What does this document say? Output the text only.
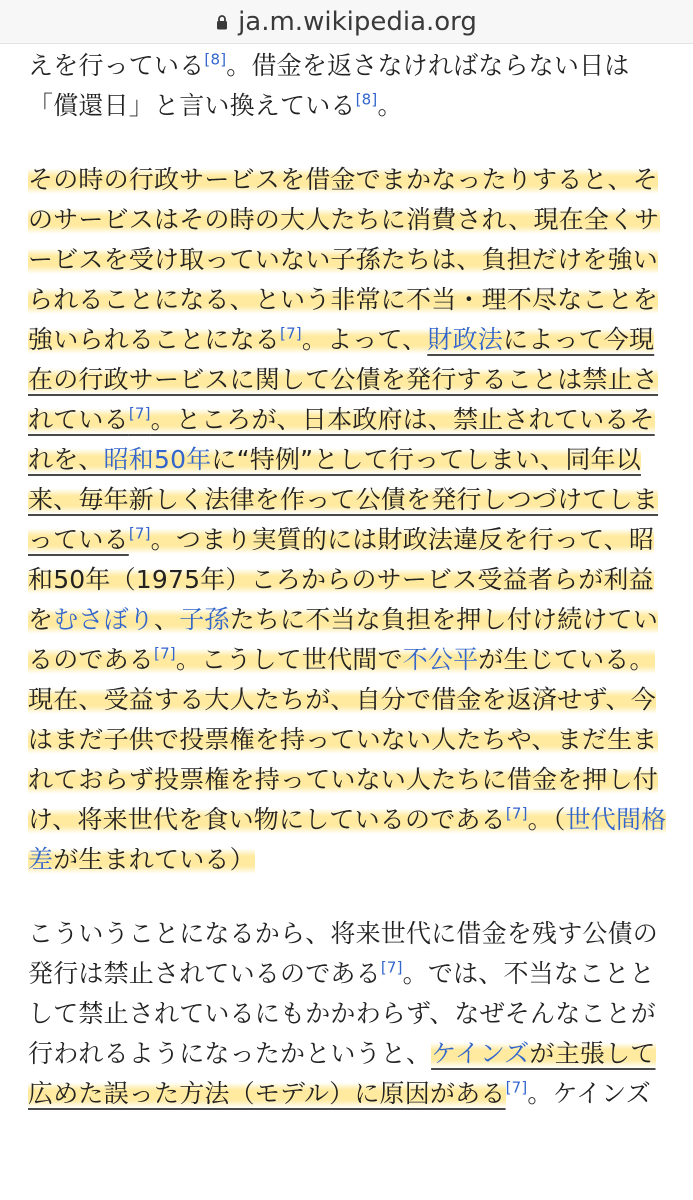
ja.m.wikipedia.org

えを行っている[8]。借金を返さなければならない日は「償還日」と言い換えている[8]。

その時の行政サービスを借金でまかなったりすると、そのサービスはその時の大人たちに消費され、現在全くサービスを受け取っていない子孫たちは、負担だけを強いられることになる、という非常に不当・理不尽なことを強いられることになる[7]。よって、財政法によって今現在の行政サービスに関して公債を発行することは禁止されている[7]。ところが、日本政府は、禁止されているそれを、昭和50年に“特例”として行ってしまい、同年以来、毎年新しく法律を作って公債を発行しつづけてしまっている[7]。つまり実質的には財政法違反を行って、昭和50年（1975年）ころからのサービス受益者らが利益をむさぼり、子孫たちに不当な負担を押し付け続けているのである[7]。こうして世代間で不公平が生じている。現在、受益する大人たちが、自分で借金を返済せず、今はまだ子供で投票権を持っていない人たちや、まだ生まれておらず投票権を持っていない人たちに借金を押し付け、将来世代を食い物にしているのである[7]。（世代間格差が生まれている）

こういうことになるから、将来世代に借金を残す公債の発行は禁止されているのである[7]。では、不当なこととして禁止されているにもかかわらず、なぜそんなことが行われるようになったかというと、ケインズが主張して広めた誤った方法（モデル）に原因がある[7]。ケインズ
